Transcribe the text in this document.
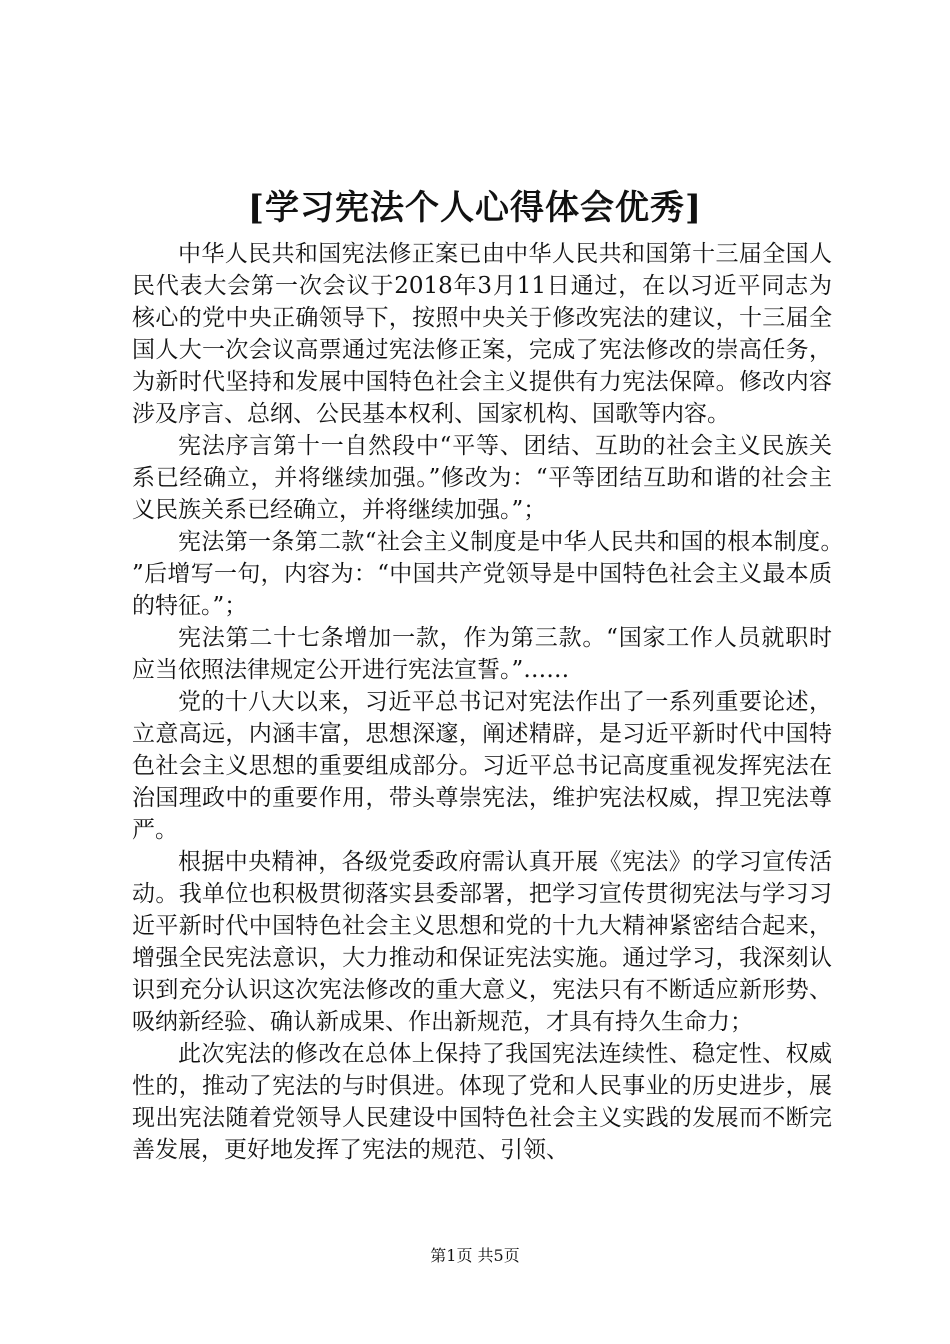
[学习宪法个人心得体会优秀]

中华人民共和国宪法修正案已由中华人民共和国第十三届全国人民代表大会第一次会议于2018年3月11日通过，在以习近平同志为核心的党中央正确领导下，按照中央关于修改宪法的建议，十三届全国人大一次会议高票通过宪法修正案，完成了宪法修改的崇高任务，为新时代坚持和发展中国特色社会主义提供有力宪法保障。修改内容涉及序言、总纲、公民基本权利、国家机构、国歌等内容。

宪法序言第十一自然段中“平等、团结、互助的社会主义民族关系已经确立，并将继续加强。”修改为：“平等团结互助和谐的社会主义民族关系已经确立，并将继续加强。”；

宪法第一条第二款“社会主义制度是中华人民共和国的根本制度。”后增写一句，内容为：“中国共产党领导是中国特色社会主义最本质的特征。”；

宪法第二十七条增加一款，作为第三款。“国家工作人员就职时应当依照法律规定公开进行宪法宣誓。”……

党的十八大以来，习近平总书记对宪法作出了一系列重要论述，立意高远，内涵丰富，思想深邃，阐述精辟，是习近平新时代中国特色社会主义思想的重要组成部分。习近平总书记高度重视发挥宪法在治国理政中的重要作用，带头尊崇宪法，维护宪法权威，捍卫宪法尊严。

根据中央精神，各级党委政府需认真开展《宪法》的学习宣传活动。我单位也积极贯彻落实县委部署，把学习宣传贯彻宪法与学习习近平新时代中国特色社会主义思想和党的十九大精神紧密结合起来，增强全民宪法意识，大力推动和保证宪法实施。通过学习，我深刻认识到充分认识这次宪法修改的重大意义，宪法只有不断适应新形势、吸纳新经验、确认新成果、作出新规范，才具有持久生命力；

此次宪法的修改在总体上保持了我国宪法连续性、稳定性、权威性的，推动了宪法的与时俱进。体现了党和人民事业的历史进步，展现出宪法随着党领导人民建设中国特色社会主义实践的发展而不断完善发展，更好地发挥了宪法的规范、引领、

第1页 共5页
